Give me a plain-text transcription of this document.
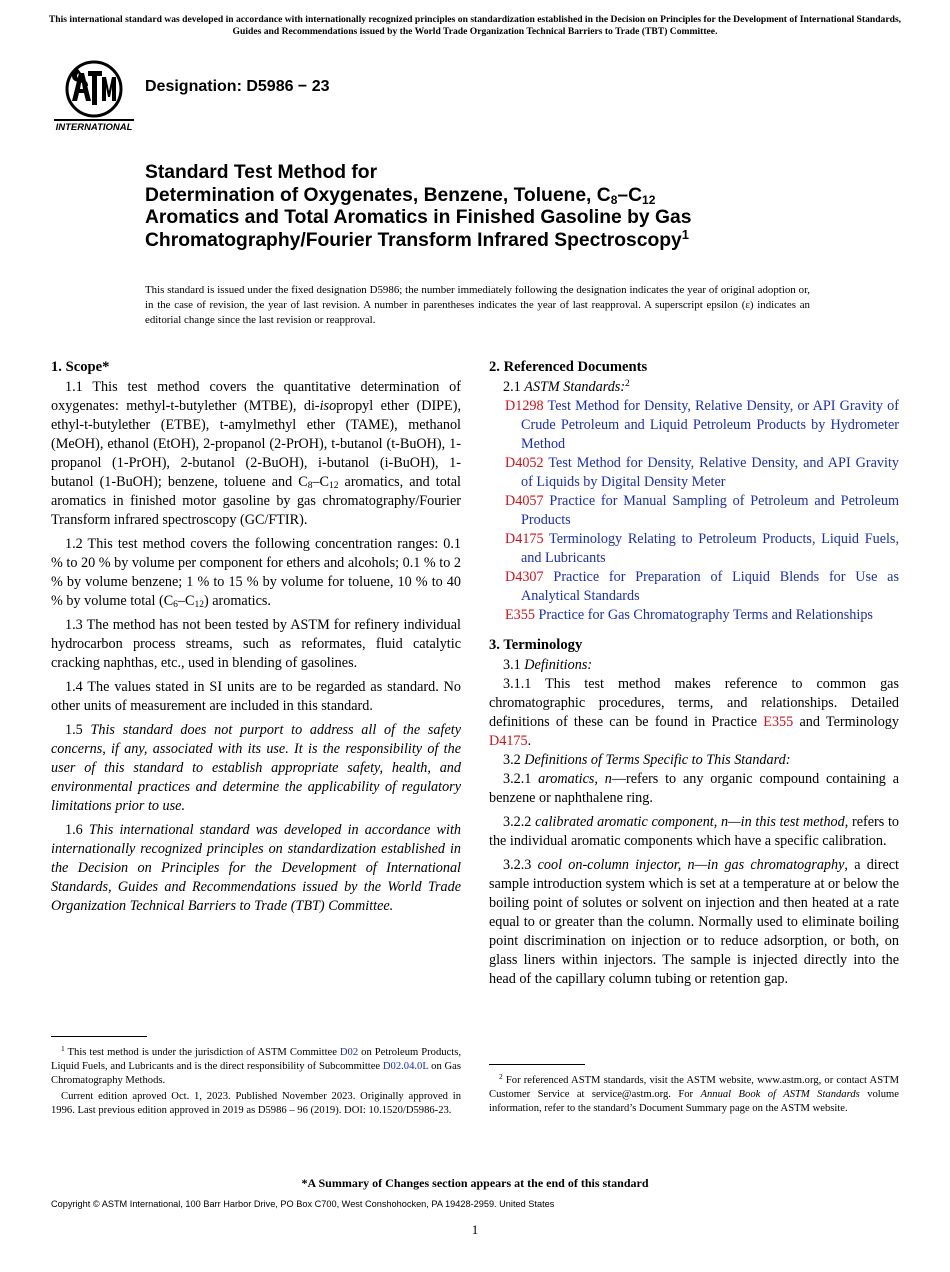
This international standard was developed in accordance with internationally recognized principles on standardization established in the Decision on Principles for the Development of International Standards, Guides and Recommendations issued by the World Trade Organization Technical Barriers to Trade (TBT) Committee.
INTERNATIONAL
Designation: D5986 − 23
Standard Test Method for
Determination of Oxygenates, Benzene, Toluene, $C_8-C_{12}$
Aromatics and Total Aromatics in Finished Gasoline by Gas
Chromatography/Fourier Transform Infrared Spectroscopy$^1$
This standard is issued under the fixed designation D5986; the number immediately following the designation indicates the year of original adoption or, in the case of revision, the year of last revision. A number in parentheses indicates the year of last reapproval. A superscript epsilon (ε) indicates an editorial change since the last revision or reapproval.
1. Scope*

1.1 This test method covers the quantitative determination of oxygenates: methyl-t-butylether (MTBE), di-isopropyl ether (DIPE), ethyl-t-butylether (ETBE), t-amylmethyl ether (TAME), methanol (MeOH), ethanol (EtOH), 2-propanol (2-PrOH), t-butanol (t-BuOH), 1-propanol (1-PrOH), 2-butanol (2-BuOH), i-butanol (i-BuOH), 1-butanol (1-BuOH); benzene, toluene and $C_8-C_{12}$ aromatics, and total aromatics in finished motor gasoline by gas chromatography/Fourier Transform infrared spectroscopy (GC/FTIR).

1.2 This test method covers the following concentration ranges: 0.1 % to 20 % by volume per component for ethers and alcohols; 0.1 % to 2 % by volume benzene; 1 % to 15 % by volume for toluene, 10 % to 40 % by volume total $(C_6-C_{12})$ aromatics.

1.3 The method has not been tested by ASTM for refinery individual hydrocarbon process streams, such as reformates, fluid catalytic cracking naphthas, etc., used in blending of gasolines.

1.4 The values stated in SI units are to be regarded as standard. No other units of measurement are included in this standard.

1.5 This standard does not purport to address all of the safety concerns, if any, associated with its use. It is the responsibility of the user of this standard to establish appropriate safety, health, and environmental practices and determine the applicability of regulatory limitations prior to use.

1.6 This international standard was developed in accordance with internationally recognized principles on standardization established in the Decision on Principles for the Development of International Standards, Guides and Recommendations issued by the World Trade Organization Technical Barriers to Trade (TBT) Committee.

$^1$ This test method is under the jurisdiction of ASTM Committee D02 on Petroleum Products, Liquid Fuels, and Lubricants and is the direct responsibility of Subcommittee D02.04.0L on Gas Chromatography Methods.

Current edition aproved Oct. 1, 2023. Published November 2023. Originally approved in 1996. Last previous edition approved in 2019 as D5986 – 96 (2019). DOI: 10.1520/D5986-23.

2. Referenced Documents

2.1 ASTM Standards:$^2$

D1298 Test Method for Density, Relative Density, or API Gravity of Crude Petroleum and Liquid Petroleum Products by Hydrometer Method
D4052 Test Method for Density, Relative Density, and API Gravity of Liquids by Digital Density Meter
D4057 Practice for Manual Sampling of Petroleum and Petroleum Products
D4175 Terminology Relating to Petroleum Products, Liquid Fuels, and Lubricants
D4307 Practice for Preparation of Liquid Blends for Use as Analytical Standards
E355 Practice for Gas Chromatography Terms and Relationships
3. Terminology

3.1 Definitions:

3.1.1 This test method makes reference to common gas chromatographic procedures, terms, and relationships. Detailed definitions of these can be found in Practice E355 and Terminology D4175.

3.2 Definitions of Terms Specific to This Standard:

3.2.1 aromatics, n—refers to any organic compound containing a benzene or naphthalene ring.

3.2.2 calibrated aromatic component, n—in this test method, refers to the individual aromatic components which have a specific calibration.

3.2.3 cool on-column injector, n—in gas chromatography, a direct sample introduction system which is set at a temperature at or below the boiling point of solutes or solvent on injection and then heated at a rate equal to or greater than the column. Normally used to eliminate boiling point discrimination on injection or to reduce adsorption, or both, on glass liners within injectors. The sample is injected directly into the head of the capillary column tubing or retention gap.

$^2$ For referenced ASTM standards, visit the ASTM website, www.astm.org, or contact ASTM Customer Service at service@astm.org. For Annual Book of ASTM Standards volume information, refer to the standard’s Document Summary page on the ASTM website.

*A Summary of Changes section appears at the end of this standard
Copyright © ASTM International, 100 Barr Harbor Drive, PO Box C700, West Conshohocken, PA 19428-2959. United States
1
